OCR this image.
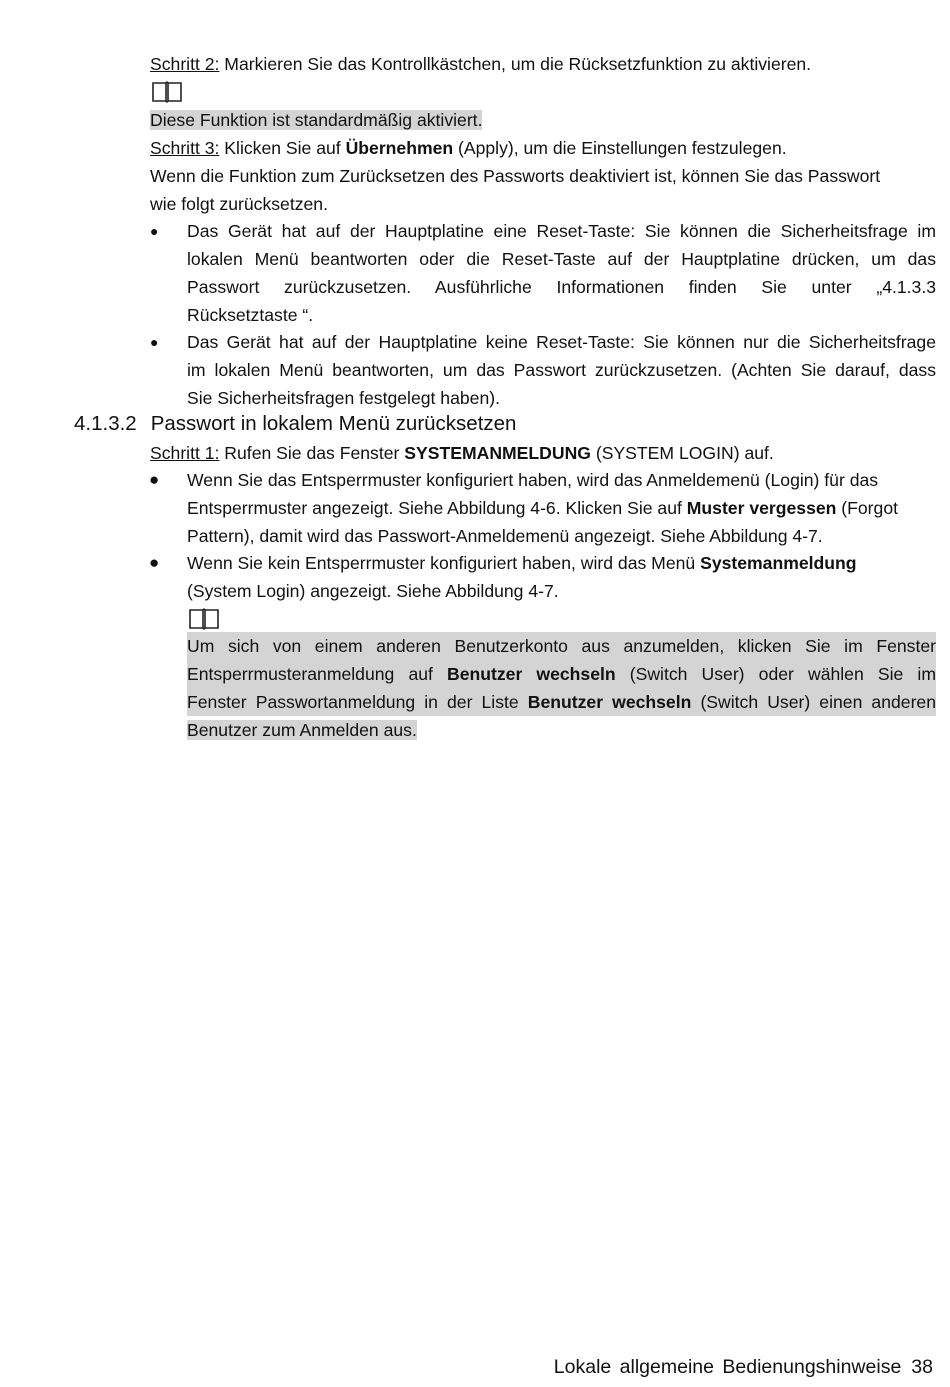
Schritt 2: Markieren Sie das Kontrollkästchen, um die Rücksetzfunktion zu aktivieren.
Diese Funktion ist standardmäßig aktiviert.
Schritt 3: Klicken Sie auf Übernehmen (Apply), um die Einstellungen festzulegen.
Wenn die Funktion zum Zurücksetzen des Passworts deaktiviert ist, können Sie das Passwort
wie folgt zurücksetzen.
● Das Gerät hat auf der Hauptplatine eine Reset-Taste: Sie können die Sicherheitsfrage im
lokalen Menü beantworten oder die Reset-Taste auf der Hauptplatine drücken, um das
Passwort zurückzusetzen. Ausführliche Informationen finden Sie unter „4.1.3.3
Rücksetztaste “.
● Das Gerät hat auf der Hauptplatine keine Reset-Taste: Sie können nur die Sicherheitsfrage
im lokalen Menü beantworten, um das Passwort zurückzusetzen. (Achten Sie darauf, dass
Sie Sicherheitsfragen festgelegt haben).
4.1.3.2 Passwort in lokalem Menü zurücksetzen
Schritt 1: Rufen Sie das Fenster SYSTEMANMELDUNG (SYSTEM LOGIN) auf.
● Wenn Sie das Entsperrmuster konfiguriert haben, wird das Anmeldemenü (Login) für das
Entsperrmuster angezeigt. Siehe Abbildung 4-6. Klicken Sie auf Muster vergessen (Forgot
Pattern), damit wird das Passwort-Anmeldemenü angezeigt. Siehe Abbildung 4-7.
● Wenn Sie kein Entsperrmuster konfiguriert haben, wird das Menü Systemanmeldung
(System Login) angezeigt. Siehe Abbildung 4-7.
Um sich von einem anderen Benutzerkonto aus anzumelden, klicken Sie im Fenster
Entsperrmusteranmeldung auf Benutzer wechseln (Switch User) oder wählen Sie im
Fenster Passwortanmeldung in der Liste Benutzer wechseln (Switch User) einen anderen
Benutzer zum Anmelden aus.
Lokale allgemeine Bedienungshinweise 38
